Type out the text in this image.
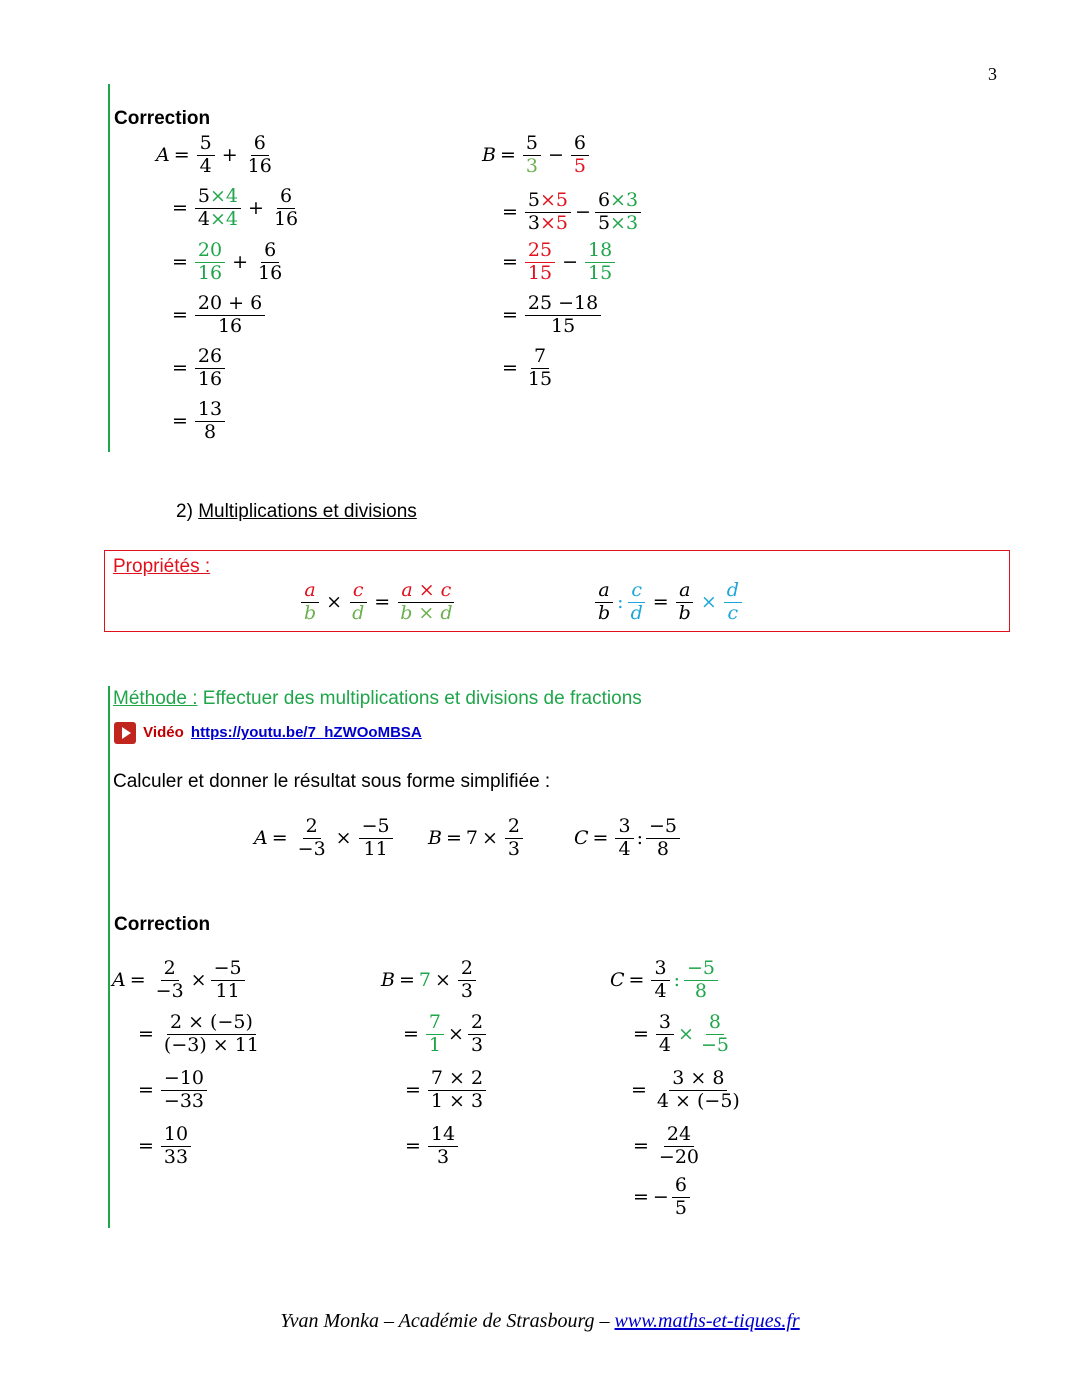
3
Correction
$A = \frac{5}{4} + \frac{6}{16}$
= $\frac{5\times 4}{4\times 4} + \frac{6}{16}$
= $\frac{20}{16} + \frac{6}{16}$
= $\frac{20 + 6}{16}$
= $\frac{26}{16}$
= $\frac{13}{8}$
$B = \frac{5}{3} - \frac{6}{5}$
= $\frac{5\times 5}{3\times 5} - \frac{6\times 3}{5\times 3}$
= $\frac{25}{15} - \frac{18}{15}$
= $\frac{25 -18}{15}$
= $\frac{7}{15}$
2) Multiplications et divisions
Propriétés :
$\frac{a}{b} \times \frac{c}{d} = \frac{a \times c}{b \times d}$	$\frac{a}{b}$ : $\frac{c}{d} = \frac{a}{b} \times \frac{d}{c}$
Méthode : Effectuer des multiplications et divisions de fractions
Vidéo https://youtu.be/7_hZWOoMBSA
Calculer et donner le résultat sous forme simplifiée :
$A = \frac{2}{-3} \times \frac{-5}{11}$ $B = 7 \times \frac{2}{3}$	$C = \frac{3}{4}$ : $\frac{-5}{8}$
Correction
$A = \frac{2}{-3} \times \frac{-5}{11}$
= $\frac{2 \times (-5)}{(-3) \times 11}$
= $\frac{-10}{-33}$
= $\frac{10}{33}$
$B = 7 \times \frac{2}{3}$
= $\frac{7}{1} \times \frac{2}{3}$
= $\frac{7 \times 2}{1 \times 3}$
= $\frac{14}{3}$
$C = \frac{3}{4}$ : $\frac{-5}{8}$
= $\frac{3}{4} \times \frac{8}{-5}$
= $\frac{3 \times 8}{4 \times (-5)}$
= $\frac{24}{-20}$
= − $\frac{6}{5}$
Yvan Monka – Académie de Strasbourg – www.maths-et-tiques.fr
